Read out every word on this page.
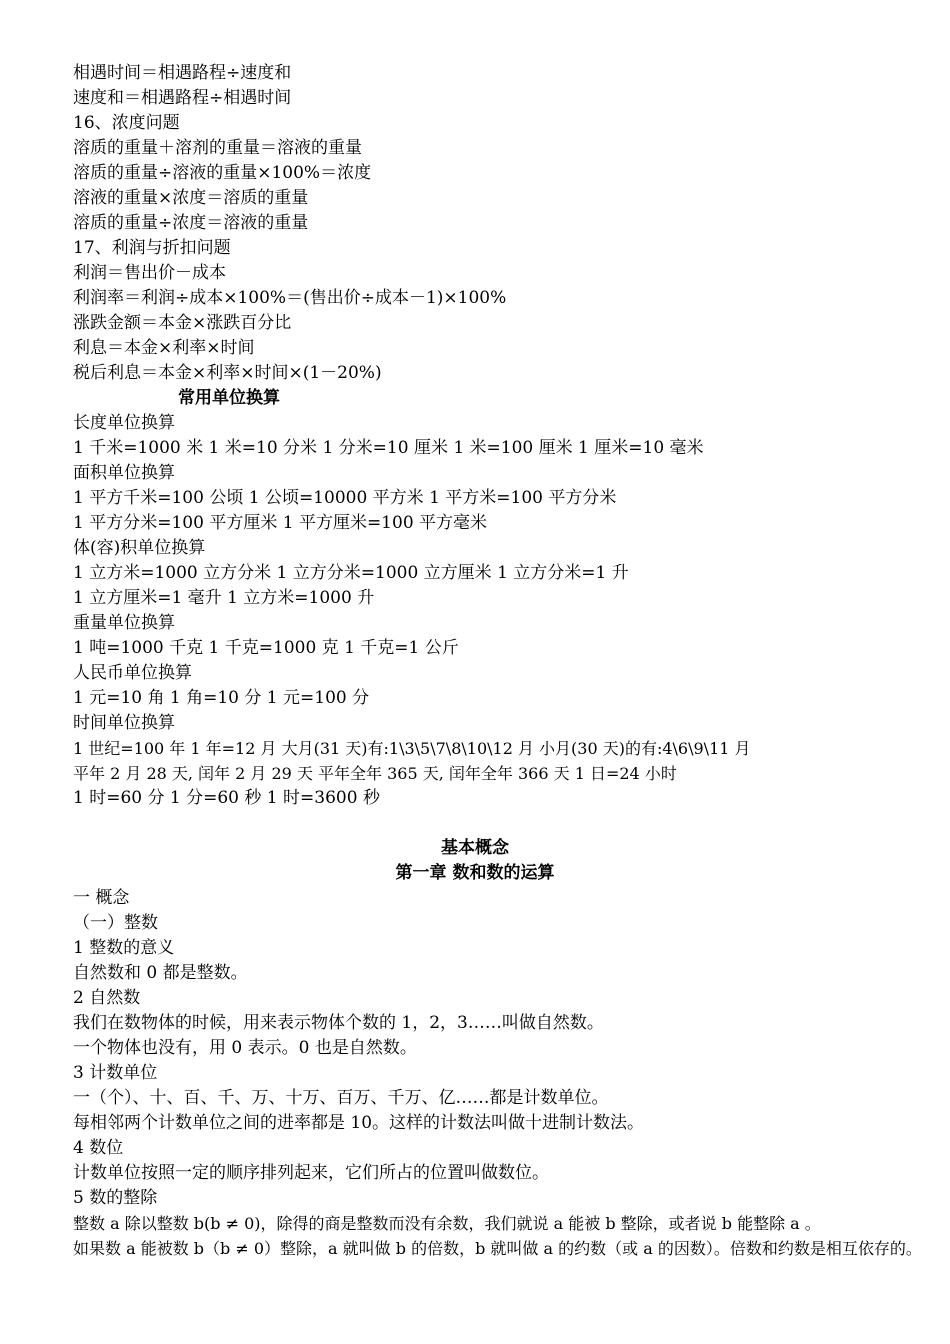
相遇时间＝相遇路程÷速度和
速度和＝相遇路程÷相遇时间
16、浓度问题
溶质的重量＋溶剂的重量＝溶液的重量
溶质的重量÷溶液的重量×100%＝浓度
溶液的重量×浓度＝溶质的重量
溶质的重量÷浓度＝溶液的重量
17、利润与折扣问题
利润＝售出价－成本
利润率＝利润÷成本×100%＝(售出价÷成本－1)×100%
涨跌金额＝本金×涨跌百分比
利息＝本金×利率×时间
税后利息＝本金×利率×时间×(1－20%)
常用单位换算
长度单位换算
1 千米=1000 米 1 米=10 分米 1 分米=10 厘米 1 米=100 厘米 1 厘米=10 毫米
面积单位换算
1 平方千米=100 公顷 1 公顷=10000 平方米 1 平方米=100 平方分米
1 平方分米=100 平方厘米 1 平方厘米=100 平方毫米
体(容)积单位换算
1 立方米=1000 立方分米 1 立方分米=1000 立方厘米 1 立方分米=1 升
1 立方厘米=1 毫升 1 立方米=1000 升
重量单位换算
1 吨=1000 千克 1 千克=1000 克 1 千克=1 公斤
人民币单位换算
1 元=10 角 1 角=10 分 1 元=100 分
时间单位换算
1 世纪=100 年 1 年=12 月 大月(31 天)有:1\3\5\7\8\10\12 月 小月(30 天)的有:4\6\9\11 月
平年 2 月 28 天, 闰年 2 月 29 天 平年全年 365 天, 闰年全年 366 天 1 日=24 小时
1 时=60 分 1 分=60 秒 1 时=3600 秒
基本概念
第一章 数和数的运算
一 概念
（一）整数
1 整数的意义
自然数和 0 都是整数。
2 自然数
我们在数物体的时候，用来表示物体个数的 1，2，3……叫做自然数。
一个物体也没有，用 0 表示。0 也是自然数。
3 计数单位
一（个）、十、百、千、万、十万、百万、千万、亿……都是计数单位。
每相邻两个计数单位之间的进率都是 10。这样的计数法叫做十进制计数法。
4 数位
计数单位按照一定的顺序排列起来，它们所占的位置叫做数位。
5 数的整除
整数 a 除以整数 b(b ≠ 0)，除得的商是整数而没有余数，我们就说 a 能被 b 整除，或者说 b 能整除 a 。
如果数 a 能被数 b（b ≠ 0）整除，a 就叫做 b 的倍数，b 就叫做 a 的约数（或 a 的因数）。倍数和约数是相互依存的。
